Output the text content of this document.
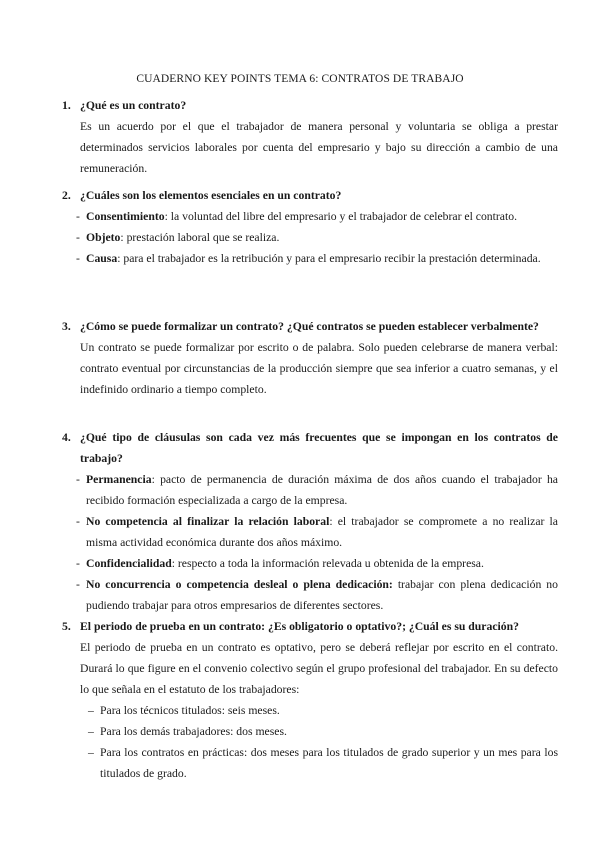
CUADERNO KEY POINTS TEMA 6: CONTRATOS DE TRABAJO
1. ¿Qué es un contrato?
Es un acuerdo por el que el trabajador de manera personal y voluntaria se obliga a prestar determinados servicios laborales por cuenta del empresario y bajo su dirección a cambio de una remuneración.
2. ¿Cuáles son los elementos esenciales en un contrato?
- Consentimiento: la voluntad del libre del empresario y el trabajador de celebrar el contrato.
- Objeto: prestación laboral que se realiza.
- Causa: para el trabajador es la retribución y para el empresario recibir la prestación determinada.
3. ¿Cómo se puede formalizar un contrato? ¿Qué contratos se pueden establecer verbalmente?
Un contrato se puede formalizar por escrito o de palabra. Solo pueden celebrarse de manera verbal: contrato eventual por circunstancias de la producción siempre que sea inferior a cuatro semanas, y el indefinido ordinario a tiempo completo.
4. ¿Qué tipo de cláusulas son cada vez más frecuentes que se impongan en los contratos de trabajo?
- Permanencia: pacto de permanencia de duración máxima de dos años cuando el trabajador ha recibido formación especializada a cargo de la empresa.
- No competencia al finalizar la relación laboral: el trabajador se compromete a no realizar la misma actividad económica durante dos años máximo.
- Confidencialidad: respecto a toda la información relevada u obtenida de la empresa.
- No concurrencia o competencia desleal o plena dedicación: trabajar con plena dedicación no pudiendo trabajar para otros empresarios de diferentes sectores.
5. El periodo de prueba en un contrato: ¿Es obligatorio o optativo?; ¿Cuál es su duración?
El periodo de prueba en un contrato es optativo, pero se deberá reflejar por escrito en el contrato. Durará lo que figure en el convenio colectivo según el grupo profesional del trabajador. En su defecto lo que señala en el estatuto de los trabajadores:
– Para los técnicos titulados: seis meses.
– Para los demás trabajadores: dos meses.
– Para los contratos en prácticas: dos meses para los titulados de grado superior y un mes para los titulados de grado.
